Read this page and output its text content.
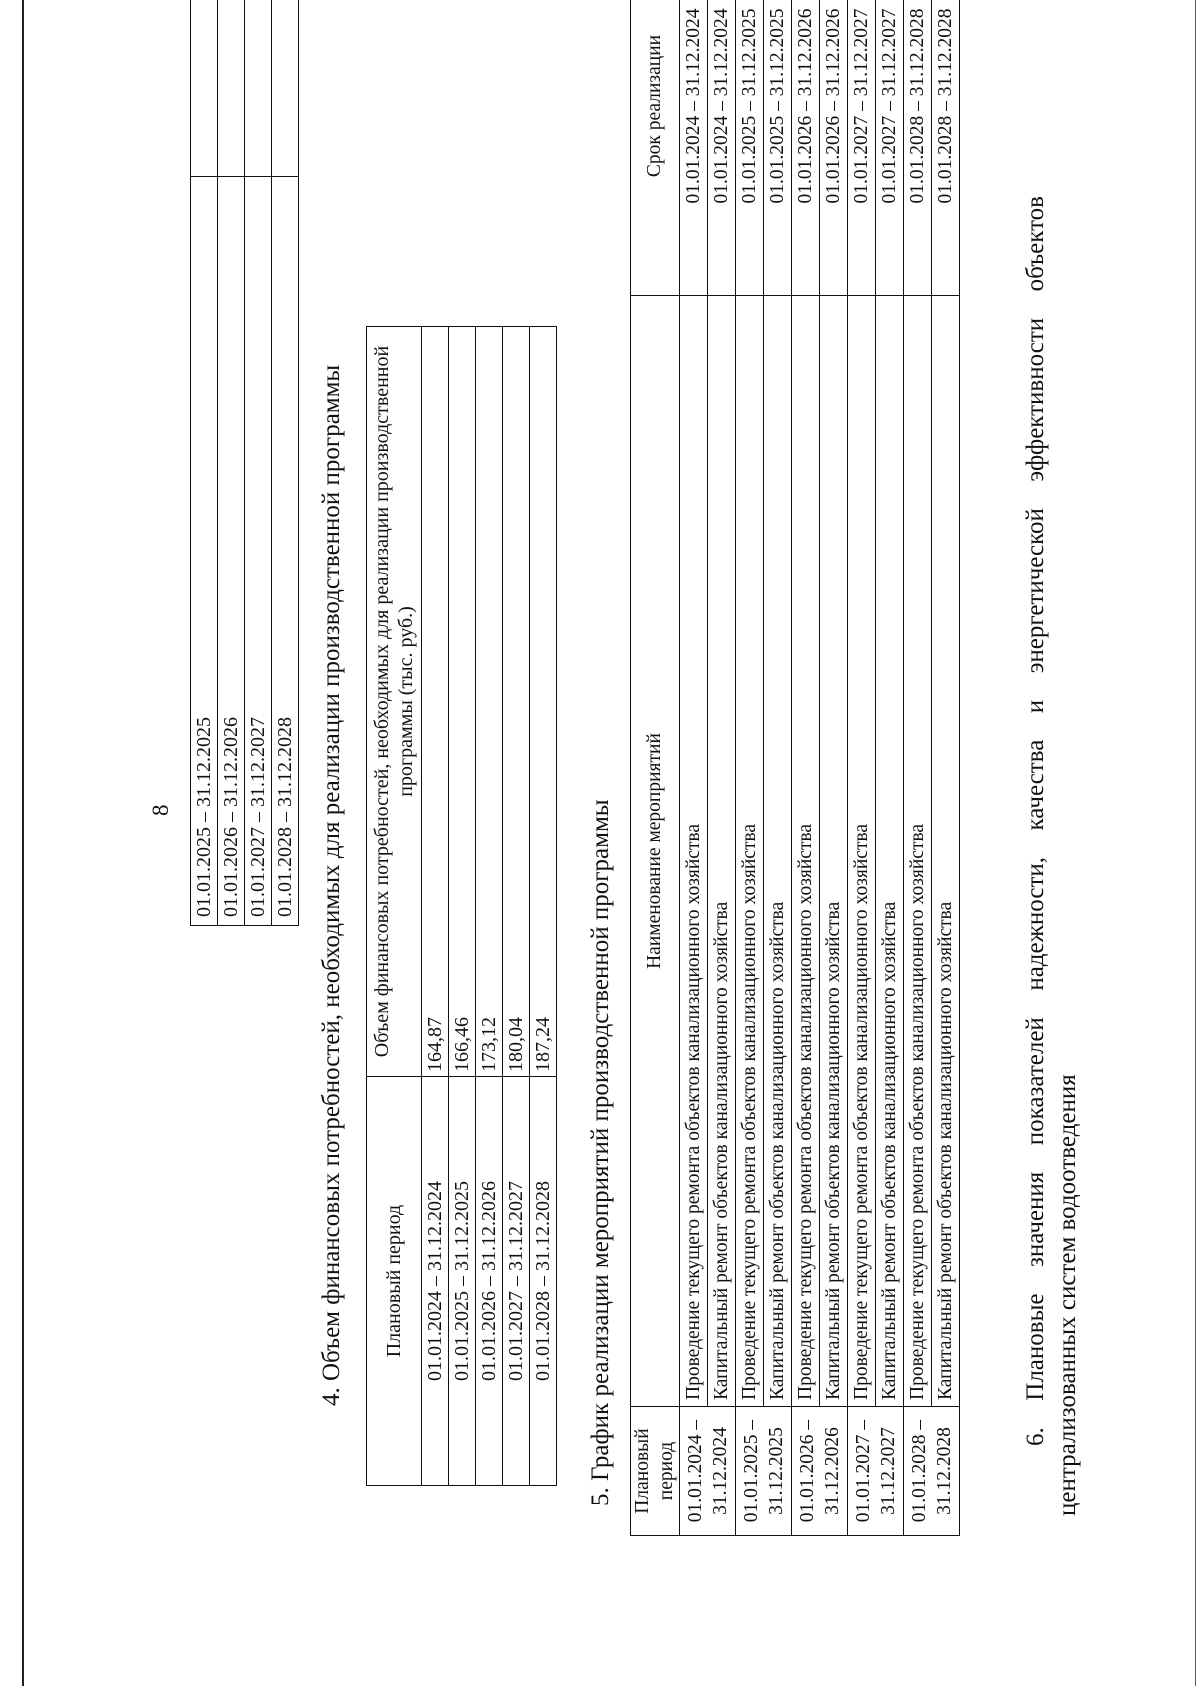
8 01.01.2025 – 31.12.2025	
01.01.2026 – 31.12.2026	
01.01.2027 – 31.12.2027	
01.01.2028 – 31.12.2028	4. Объем финансовых потребностей, необходимых для реализации производственной программы Плановый период	Объем финансовых потребностей, необходимых для реализации производственной программы (тыс. руб.)
01.01.2024 – 31.12.2024	164,87
01.01.2025 – 31.12.2025	166,46
01.01.2026 – 31.12.2026	173,12
01.01.2027 – 31.12.2027	180,04
01.01.2028 – 31.12.2028	187,24 5. График реализации мероприятий производственной программы Плановый период	Наименование мероприятий	Срок реализации
01.01.2024 – 31.12.2024	Проведение текущего ремонта объектов канализационного хозяйства	01.01.2024 – 31.12.2024
	Капитальный ремонт объектов канализационного хозяйства	01.01.2024 – 31.12.2024
01.01.2025 – 31.12.2025	Проведение текущего ремонта объектов канализационного хозяйства	01.01.2025 – 31.12.2025
	Капитальный ремонт объектов канализационного хозяйства	01.01.2025 – 31.12.2025
01.01.2026 – 31.12.2026	Проведение текущего ремонта объектов канализационного хозяйства	01.01.2026 – 31.12.2026
	Капитальный ремонт объектов канализационного хозяйства	01.01.2026 – 31.12.2026
01.01.2027 – 31.12.2027	Проведение текущего ремонта объектов канализационного хозяйства	01.01.2027 – 31.12.2027
	Капитальный ремонт объектов канализационного хозяйства	01.01.2027 – 31.12.2027
01.01.2028 – 31.12.2028	Проведение текущего ремонта объектов канализационного хозяйства	01.01.2028 – 31.12.2028
	Капитальный ремонт объектов канализационного хозяйства	01.01.2028 – 31.12.2028
6. Плановые значения показателей надежности, качества и энергетической эффективности объектов централизованных систем водоотведения
